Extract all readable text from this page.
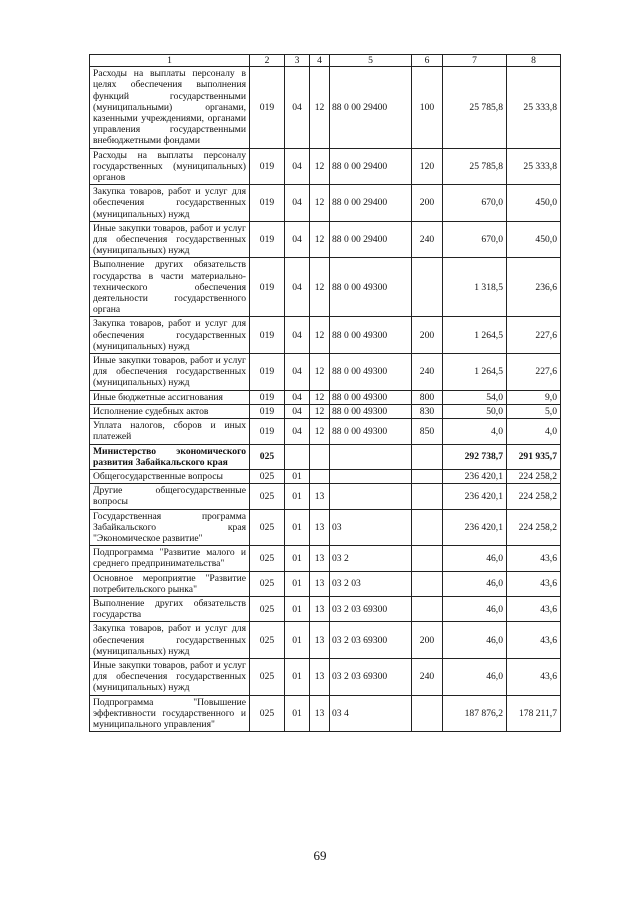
1	2	3	4	5	6	7	8
Расходы на выплаты персоналу в целях обеспечения выполнения функций государственными (муниципальными) органами, казенными учреждениями, органами управления государственными внебюджетными фондами	019	04	12	88 0 00 29400	100	25 785,8	25 333,8
Расходы на выплаты персоналу государственных (муниципальных) органов	019	04	12	88 0 00 29400	120	25 785,8	25 333,8
Закупка товаров, работ и услуг для обеспечения государственных (муниципальных) нужд	019	04	12	88 0 00 29400	200	670,0	450,0
Иные закупки товаров, работ и услуг для обеспечения государственных (муниципальных) нужд	019	04	12	88 0 00 29400	240	670,0	450,0
Выполнение других обязательств государства в части материально-технического обеспечения деятельности государственного органа	019	04	12	88 0 00 49300		1 318,5	236,6
Закупка товаров, работ и услуг для обеспечения государственных (муниципальных) нужд	019	04	12	88 0 00 49300	200	1 264,5	227,6
Иные закупки товаров, работ и услуг для обеспечения государственных (муниципальных) нужд	019	04	12	88 0 00 49300	240	1 264,5	227,6
Иные бюджетные ассигнования	019	04	12	88 0 00 49300	800	54,0	9,0
Исполнение судебных актов	019	04	12	88 0 00 49300	830	50,0	5,0
Уплата налогов, сборов и иных платежей	019	04	12	88 0 00 49300	850	4,0	4,0
Министерство экономического развития Забайкальского края	025					292 738,7	291 935,7
Общегосударственные вопросы	025	01				236 420,1	224 258,2
Другие общегосударственные вопросы	025	01	13			236 420,1	224 258,2
Государственная программа Забайкальского края "Экономическое развитие"	025	01	13	03		236 420,1	224 258,2
Подпрограмма "Развитие малого и среднего предпринимательства"	025	01	13	03 2		46,0	43,6
Основное мероприятие "Развитие потребительского рынка"	025	01	13	03 2 03		46,0	43,6
Выполнение других обязательств государства	025	01	13	03 2 03 69300		46,0	43,6
Закупка товаров, работ и услуг для обеспечения государственных (муниципальных) нужд	025	01	13	03 2 03 69300	200	46,0	43,6
Иные закупки товаров, работ и услуг для обеспечения государственных (муниципальных) нужд	025	01	13	03 2 03 69300	240	46,0	43,6
Подпрограмма "Повышение эффективности государственного и муниципального управления"	025	01	13	03 4		187 876,2	178 211,7
69
